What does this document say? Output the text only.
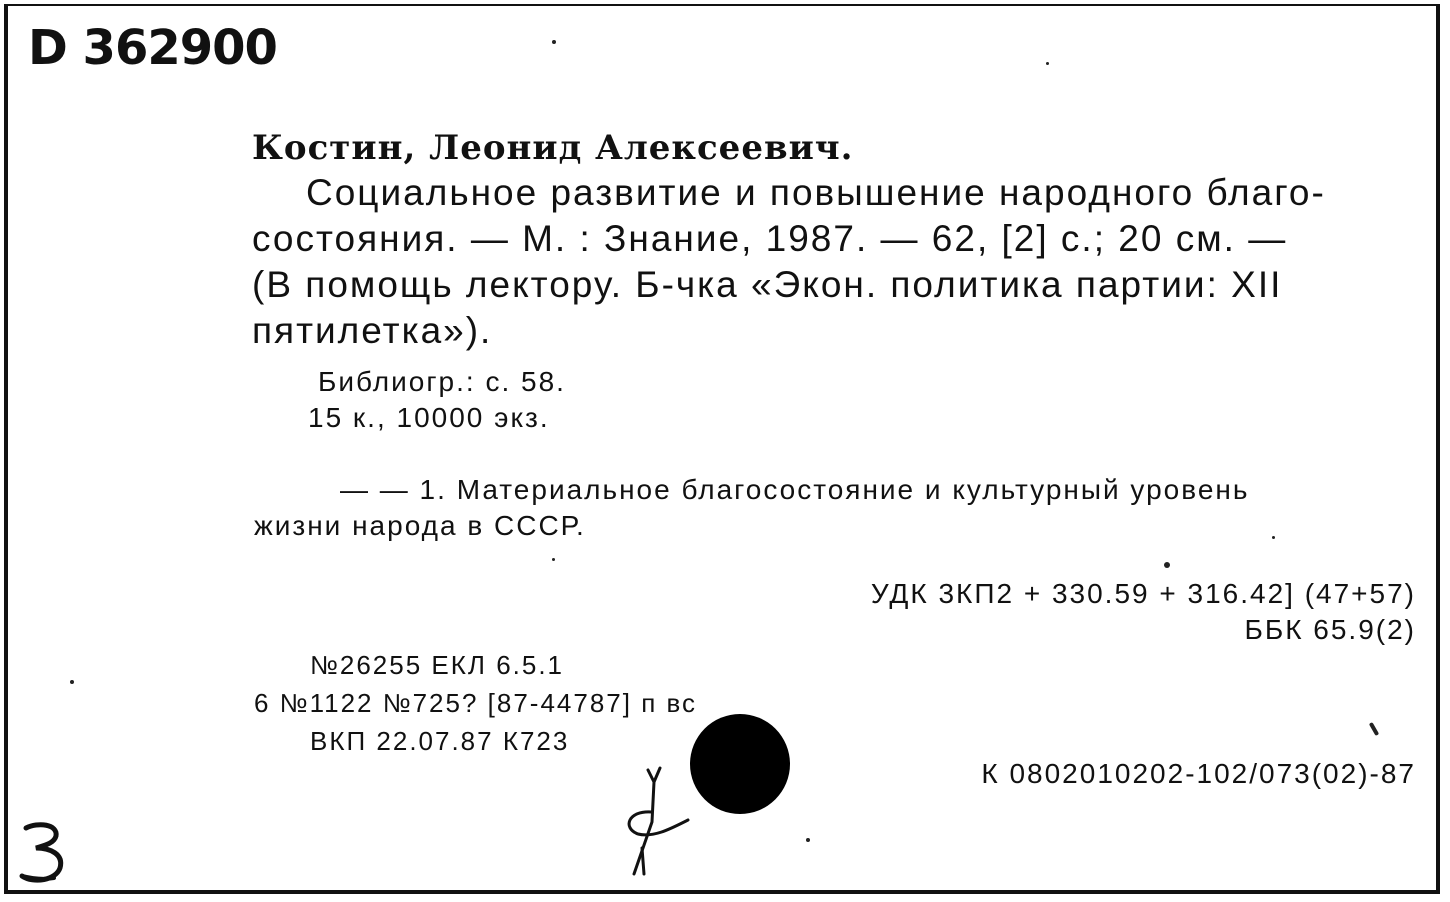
D 362900
Костин, Леонид Алексеевич.
Социальное развитие и повышение народного благо-
состояния. — М. : Знание, 1987. — 62, [2] с.; 20 см. —
(В помощь лектору. Б-чка «Экон. политика партии: XII
пятилетка»).
Библиогр.: с. 58.
15 к., 10000 экз.
— — 1. Материальное благосостояние и культурный уровень
жизни народа в СССР.
УДК 3КП2 + 330.59 + 316.42] (47+57)
ББК 65.9(2)
№26255 ЕКЛ 6.5.1
6 №1122 №725? [87-44787] п вс
ВКП 22.07.87 К723
К 0802010202-102/073(02)-87
